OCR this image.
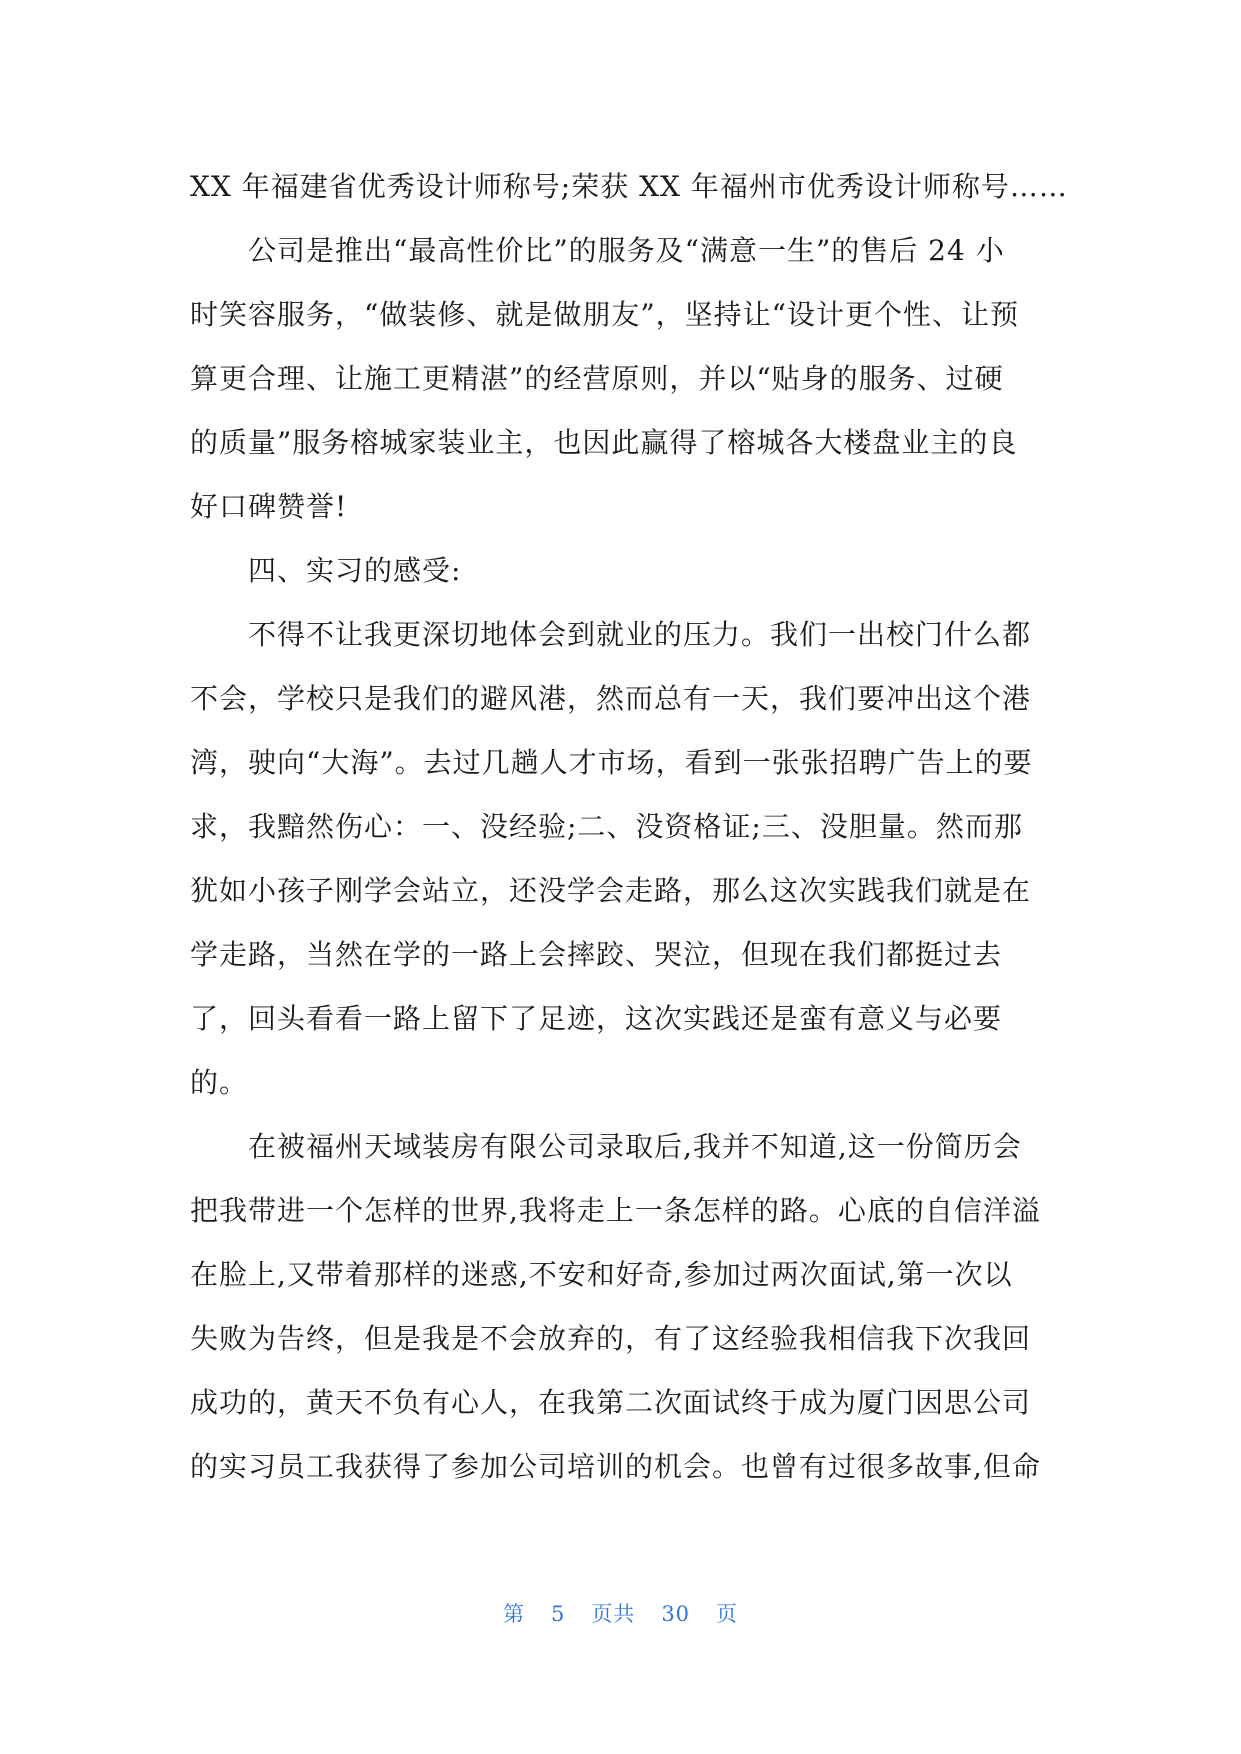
XX 年福建省优秀设计师称号;荣获 XX 年福州市优秀设计师称号……
公司是推出“最高性价比”的服务及“满意一生”的售后 24 小
时笑容服务，“做装修、就是做朋友”，坚持让“设计更个性、让预
算更合理、让施工更精湛”的经营原则，并以“贴身的服务、过硬
的质量”服务榕城家装业主，也因此赢得了榕城各大楼盘业主的良
好口碑赞誉!
四、实习的感受:
不得不让我更深切地体会到就业的压力。我们一出校门什么都
不会，学校只是我们的避风港，然而总有一天，我们要冲出这个港
湾，驶向“大海”。去过几趟人才市场，看到一张张招聘广告上的要
求，我黯然伤心：一、没经验;二、没资格证;三、没胆量。然而那
犹如小孩子刚学会站立，还没学会走路，那么这次实践我们就是在
学走路，当然在学的一路上会摔跤、哭泣，但现在我们都挺过去
了，回头看看一路上留下了足迹，这次实践还是蛮有意义与必要
的。
在被福州天域装房有限公司录取后,我并不知道,这一份简历会
把我带进一个怎样的世界,我将走上一条怎样的路。心底的自信洋溢
在脸上,又带着那样的迷惑,不安和好奇,参加过两次面试,第一次以
失败为告终，但是我是不会放弃的，有了这经验我相信我下次我回
成功的，黄天不负有心人，在我第二次面试终于成为厦门因思公司
的实习员工我获得了参加公司培训的机会。也曾有过很多故事,但命
第 5 页共 30 页
